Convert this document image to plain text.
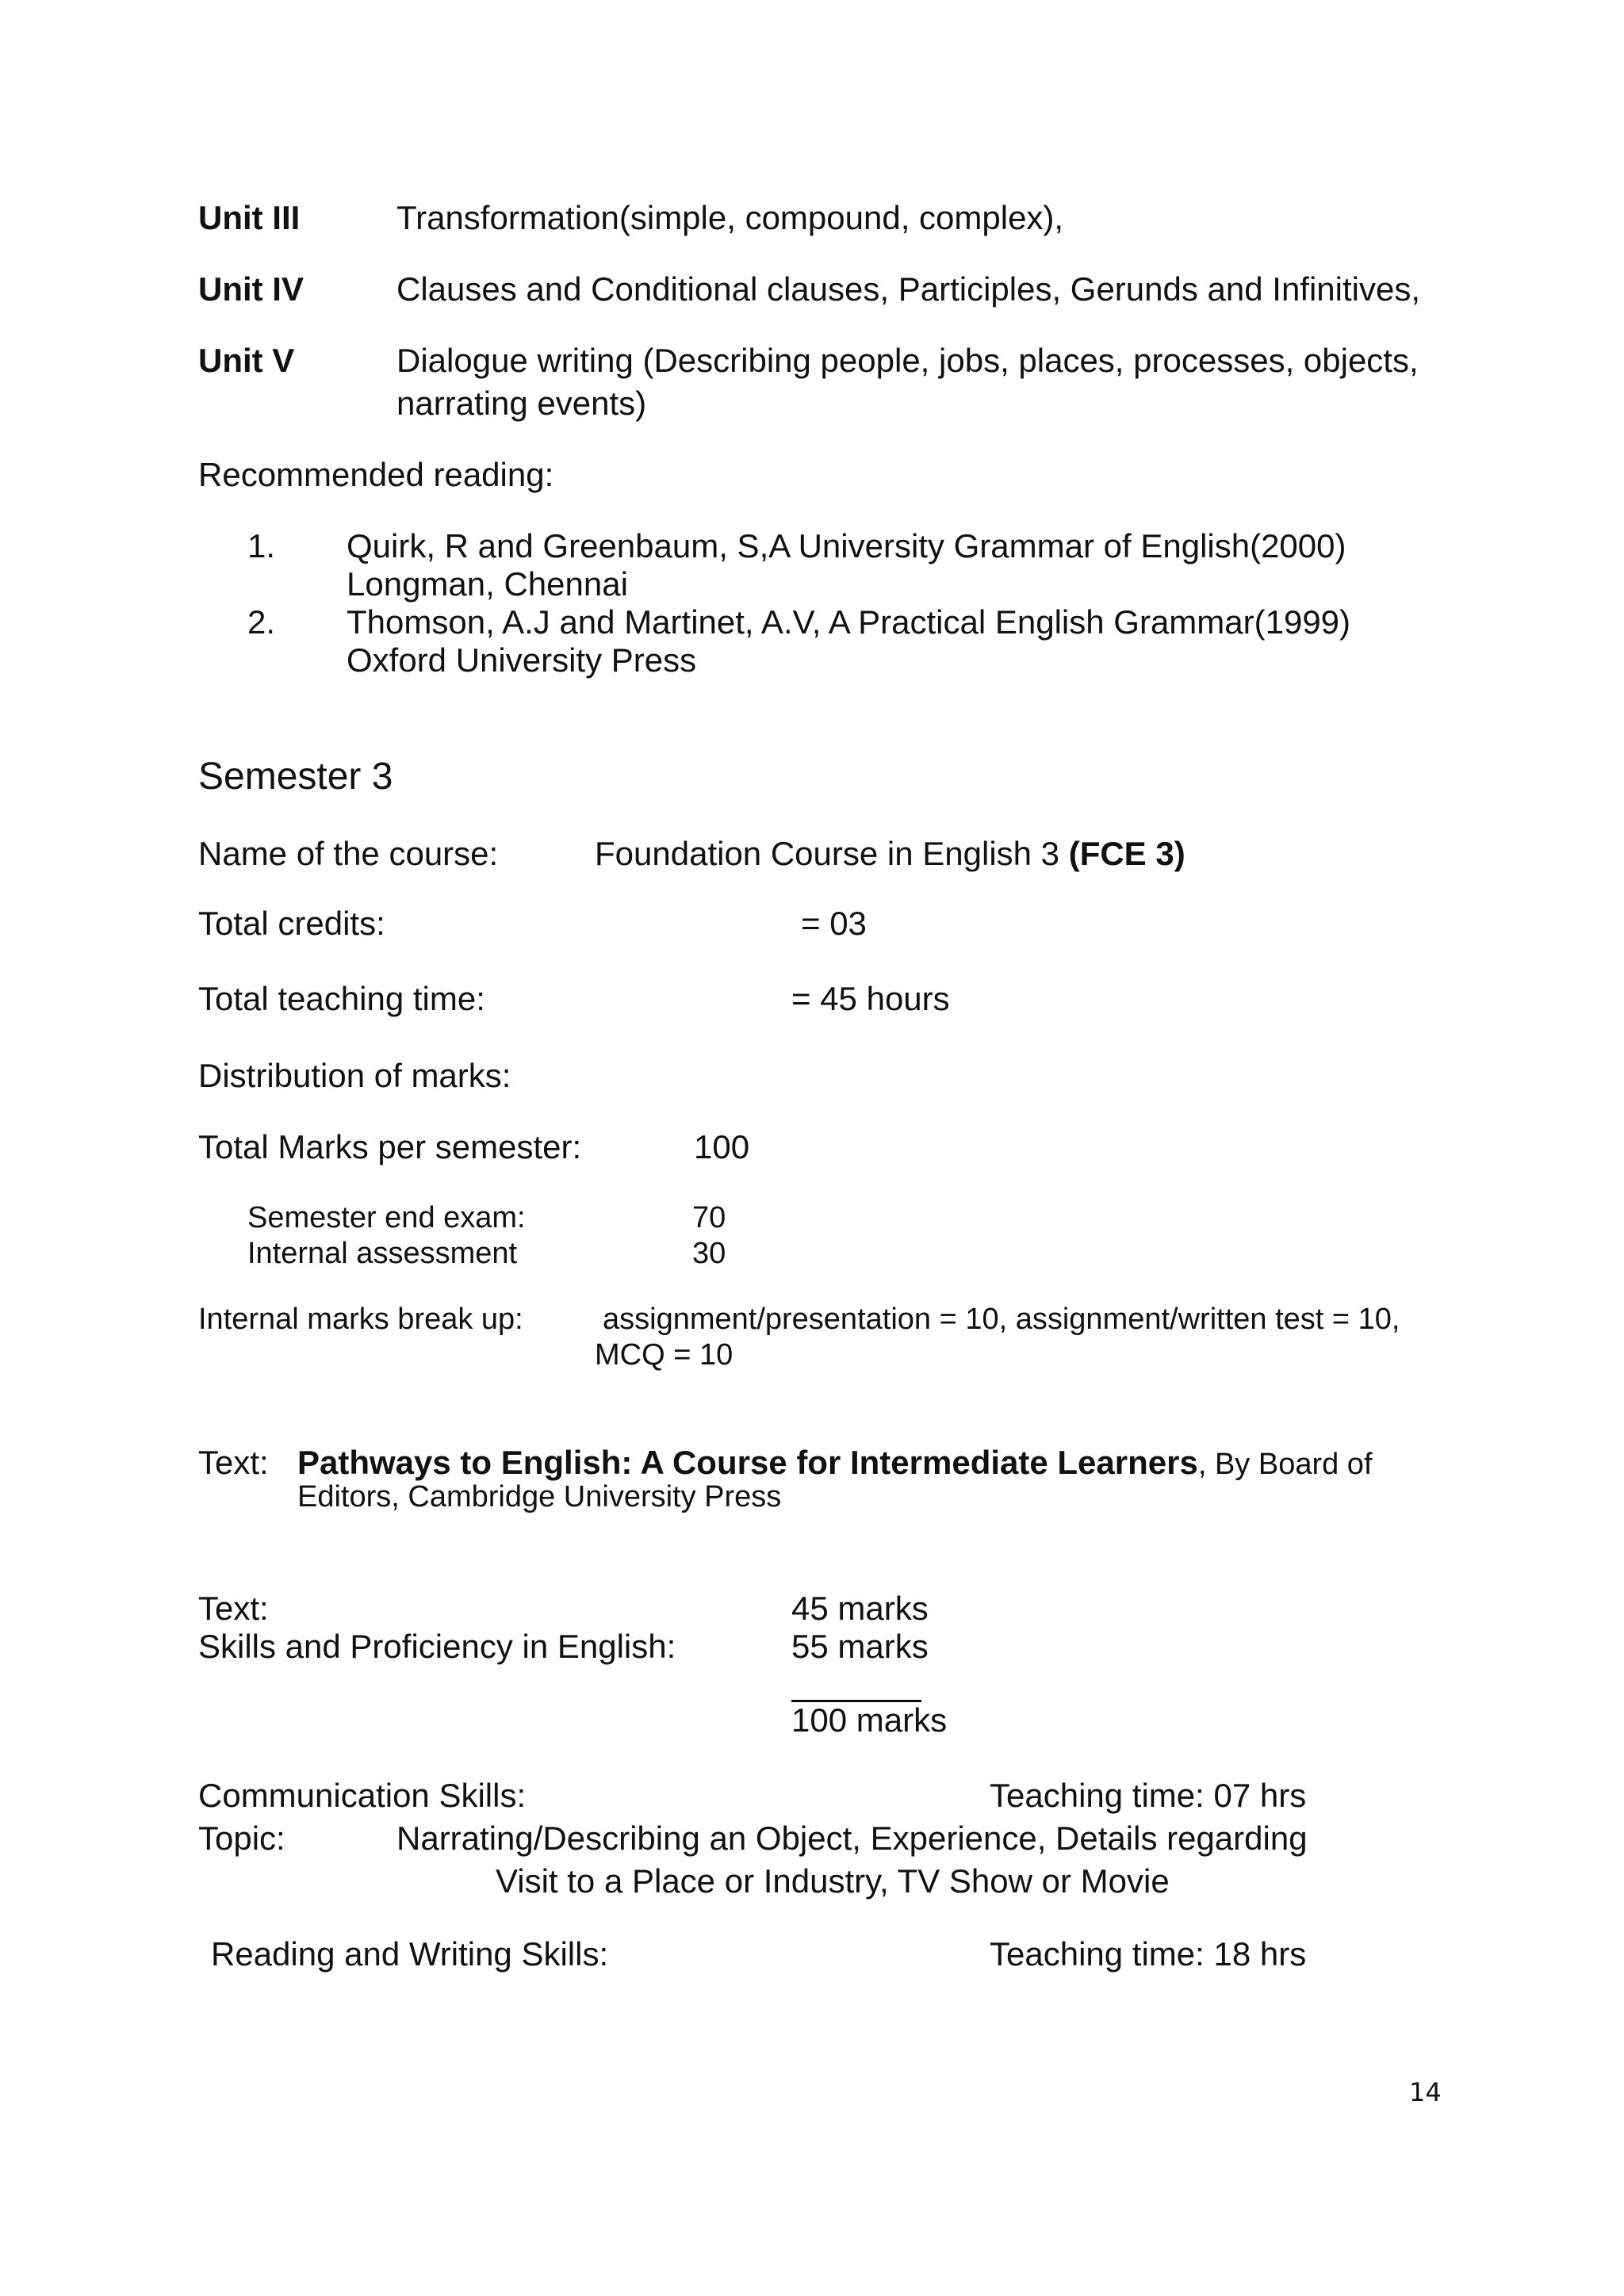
Unit III	Transformation(simple, compound, complex),
Unit IV	Clauses and Conditional clauses, Participles, Gerunds and Infinitives,
Unit V	Dialogue writing (Describing people, jobs, places, processes, objects,
narrating events)
Recommended reading:
1. Quirk, R and Greenbaum, S,A University Grammar of English(2000)
Longman, Chennai
2. Thomson, A.J and Martinet, A.V, A Practical English Grammar(1999)
Oxford University Press
Semester 3
Name of the course:	Foundation Course in English 3 (FCE 3)
Total credits:	= 03
Total teaching time:	= 45 hours
Distribution of marks:
Total Marks per semester:	100
Semester end exam:	70
Internal assessment	30
Internal marks break up:	assignment/presentation = 10, assignment/written test = 10,
MCQ = 10
Text: Pathways to English: A Course for Intermediate Learners, By Board of
Editors, Cambridge University Press
Text:	45 marks
Skills and Proficiency in English:	55 marks
100 marks
Communication Skills:	Teaching time: 07 hrs
Topic:	Narrating/Describing an Object, Experience, Details regarding
Visit to a Place or Industry, TV Show or Movie
Reading and Writing Skills:	Teaching time: 18 hrs
14
